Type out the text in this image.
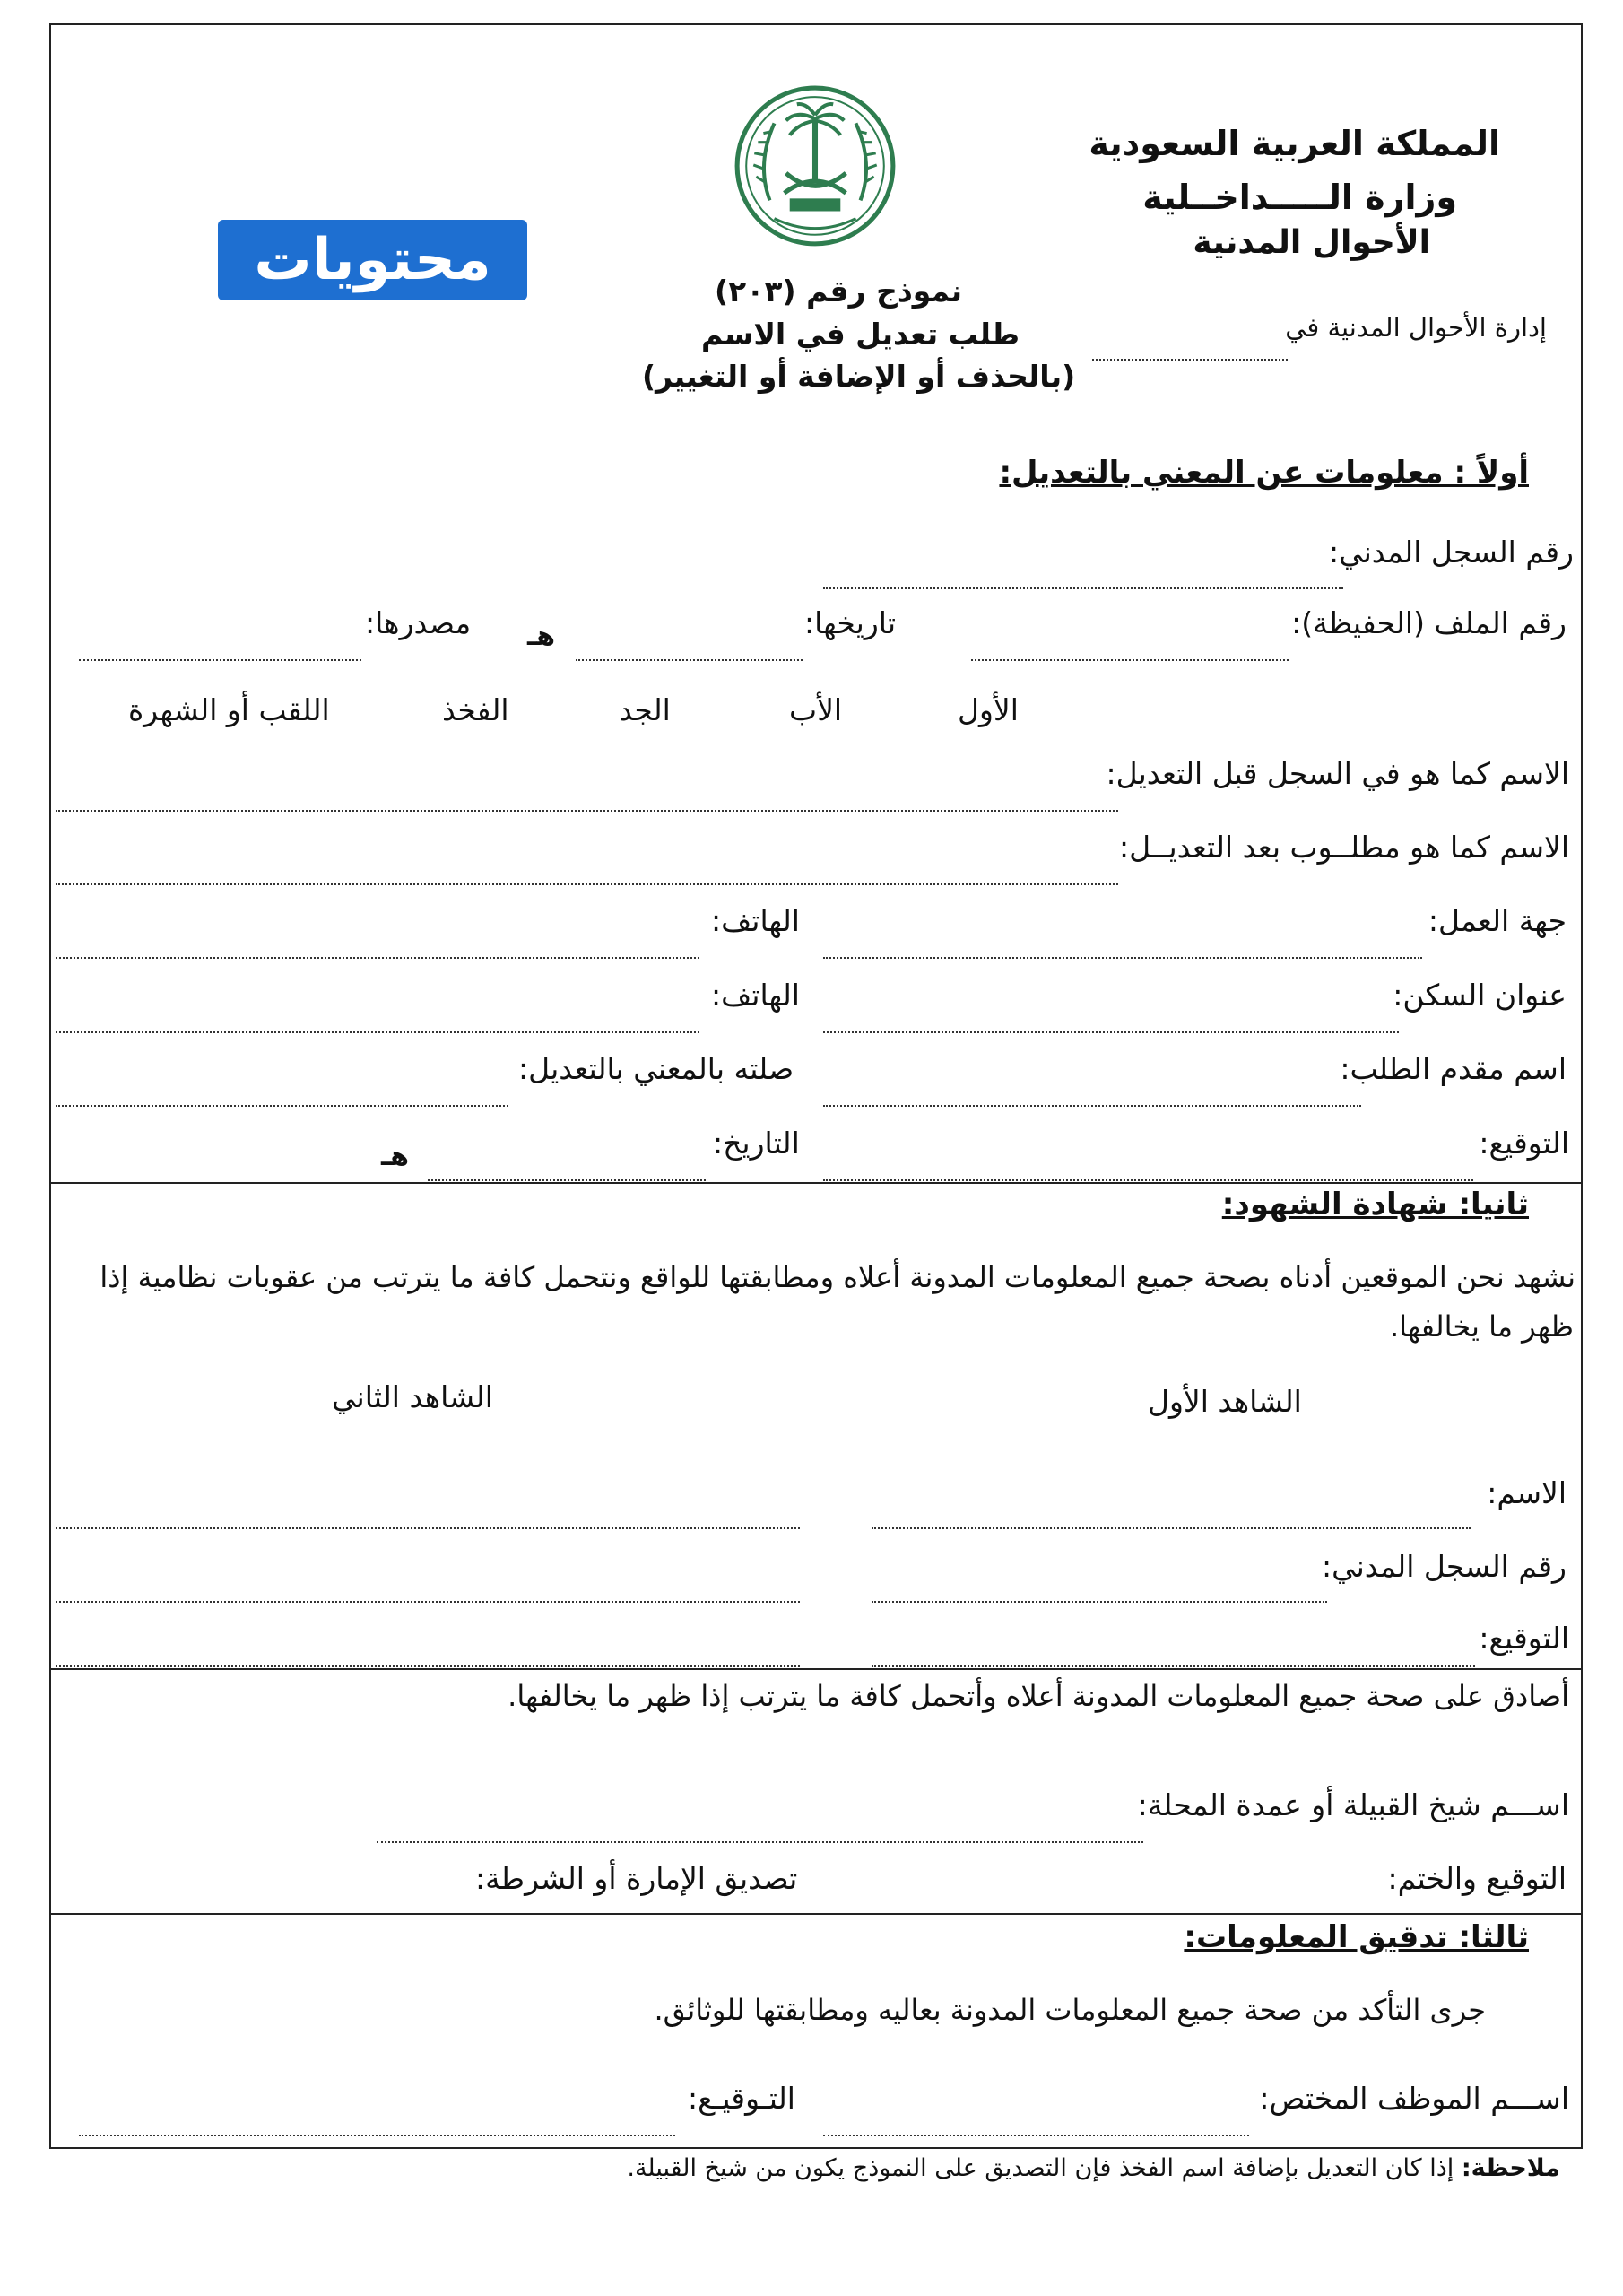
المملكة العربية السعودية
وزارة الـــــداخــلية
الأحوال المدنية
إدارة الأحوال المدنية في
محتويات	نموذج رقم (٢٠٣)
طلب تعديل في الاسم
(بالحذف أو الإضافة أو التغيير)
أولاً : معلومات عن المعني بالتعديل:
رقم السجل المدني:
رقم الملف (الحفيظة):
تاريخها:
هـ
مصدرها:
الأول
الأب
الجد
الفخذ
اللقب أو الشهرة
الاسم كما هو في السجل قبل التعديل:
الاسم كما هو مطلــوب بعد التعديــل:
جهة العمل:
الهاتف:
عنوان السكن:
الهاتف:
اسم مقدم الطلب:
صلته بالمعني بالتعديل:
التوقيع:
التاريخ:
هـ
ثانيا: شهادة الشهود:
نشهد نحن الموقعين أدناه بصحة جميع المعلومات المدونة أعلاه ومطابقتها للواقع ونتحمل كافة ما يترتب من عقوبات نظامية إذا
ظهر ما يخالفها.
الشاهد الأول
الشاهد الثاني
الاسم:
رقم السجل المدني:
التوقيع:
أصادق على صحة جميع المعلومات المدونة أعلاه وأتحمل كافة ما يترتب إذا ظهر ما يخالفها.
اســـم شيخ القبيلة أو عمدة المحلة:
التوقيع والختم:
تصديق الإمارة أو الشرطة:
ثالثا: تدقيق المعلومات:
جرى التأكد من صحة جميع المعلومات المدونة بعاليه ومطابقتها للوثائق.
اســـم الموظف المختص:
التـوقيـع:
ملاحظة: إذا كان التعديل بإضافة اسم الفخذ فإن التصديق على النموذج يكون من شيخ القبيلة.
